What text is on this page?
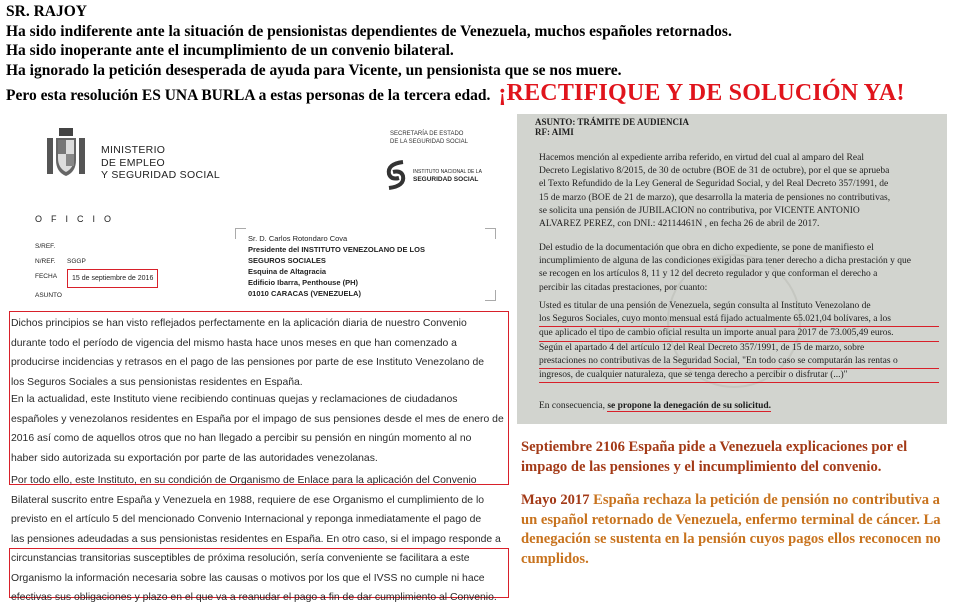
SR. RAJOY
Ha sido indiferente ante la situación de pensionistas dependientes de Venezuela, muchos españoles retornados.
Ha sido inoperante ante el incumplimiento de un convenio bilateral.
Ha ignorado la petición desesperada de ayuda para Vicente, un pensionista que se nos muere.
Pero esta resolución ES UNA BURLA a estas personas de la tercera edad. ¡RECTIFIQUE Y DE SOLUCIÓN YA!
MINISTERIO
DE EMPLEO
Y SEGURIDAD SOCIAL
SECRETARÍA DE ESTADO
DE LA SEGURIDAD SOCIAL
INSTITUTO NACIONAL DE LA
SEGURIDAD SOCIAL
OFICIO
S/REF.
N/REF.	SGGP
FECHA	15 de septiembre de 2016
ASUNTO
Sr. D. Carlos Rotondaro Cova
Presidente del INSTITUTO VENEZOLANO DE LOS
SEGUROS SOCIALES
Esquina de Altagracia
Edificio Ibarra, Penthouse (PH)
01010 CARACAS (VENEZUELA)
Dichos principios se han visto reflejados perfectamente en la aplicación diaria de nuestro Convenio
durante todo el período de vigencia del mismo hasta hace unos meses en que han comenzado a
producirse incidencias y retrasos en el pago de las pensiones por parte de ese Instituto Venezolano de
los Seguros Sociales a sus pensionistas residentes en España.
En la actualidad, este Instituto viene recibiendo continuas quejas y reclamaciones de ciudadanos
españoles y venezolanos residentes en España por el impago de sus pensiones desde el mes de enero de
2016 así como de aquellos otros que no han llegado a percibir su pensión en ningún momento al no
haber sido autorizada su exportación por parte de las autoridades venezolanas.
Por todo ello, este Instituto, en su condición de Organismo de Enlace para la aplicación del Convenio
Bilateral suscrito entre España y Venezuela en 1988, requiere de ese Organismo el cumplimiento de lo
previsto en el artículo 5 del mencionado Convenio Internacional y reponga inmediatamente el pago de
las pensiones adeudadas a sus pensionistas residentes en España. En otro caso, si el impago responde a
circunstancias transitorias susceptibles de próxima resolución, sería conveniente se facilitara a este
Organismo la información necesaria sobre las causas o motivos por los que el IVSS no cumple ni hace
efectivas sus obligaciones y plazo en el que va a reanudar el pago a fin de dar cumplimiento al Convenio.
ASUNTO: TRÁMITE DE AUDIENCIA
RF: AIMI
Hacemos mención al expediente arriba referido, en virtud del cual al amparo del Real
Decreto Legislativo 8/2015, de 30 de octubre (BOE de 31 de octubre), por el que se aprueba
el Texto Refundido de la Ley General de Seguridad Social, y del Real Decreto 357/1991, de
15 de marzo (BOE de 21 de marzo), que desarrolla la materia de pensiones no contributivas,
se solicita una pensión de JUBILACION no contributiva, por VICENTE ANTONIO
ALVAREZ PEREZ, con DNI.: 42114461N , en fecha 26 de abril de 2017.
Del estudio de la documentación que obra en dicho expediente, se pone de manifiesto el
incumplimiento de alguna de las condiciones exigidas para tener derecho a dicha prestación y que
se recogen en los artículos 8, 11 y 12 del decreto regulador y que conforman el derecho a
percibir las citadas prestaciones, por cuanto:
Usted es titular de una pensión de Venezuela, según consulta al Instituto Venezolano de
los Seguros Sociales, cuyo monto mensual está fijado actualmente 65.021,04 bolívares, a los
que aplicado el tipo de cambio oficial resulta un importe anual para 2017 de 73.005,49 euros.
Según el apartado 4 del artículo 12 del Real Decreto 357/1991, de 15 de marzo, sobre
prestaciones no contributivas de la Seguridad Social, "En todo caso se computarán las rentas o
ingresos, de cualquier naturaleza, que se tenga derecho a percibir o disfrutar (...)"
En consecuencia, se propone la denegación de su solicitud.
Septiembre 2106 España pide a Venezuela explicaciones por el impago de las pensiones y el incumplimiento del convenio.
Mayo 2017 España rechaza la petición de pensión no contributiva a un español retornado de Venezuela, enfermo terminal de cáncer. La denegación se sustenta en la pensión cuyos pagos ellos reconocen no cumplidos.
